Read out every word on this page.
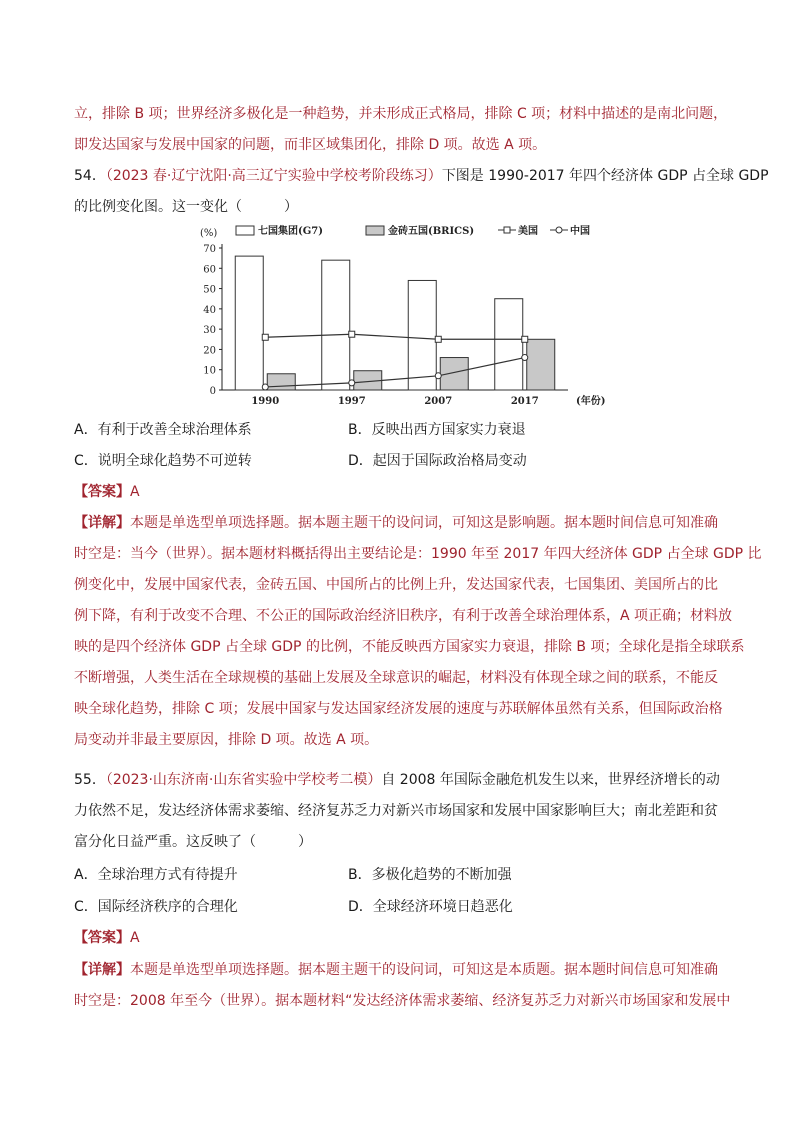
立，排除 B 项；世界经济多极化是一种趋势，并未形成正式格局，排除 C 项；材料中描述的是南北问题，
即发达国家与发展中国家的问题，而非区域集团化，排除 D 项。故选 A 项。
54．（2023 春·辽宁沈阳·高三辽宁实验中学校考阶段练习）下图是 1990-2017 年四个经济体 GDP 占全球 GDP
的比例变化图。这一变化（　　　）
0
10
20
30
40
50
60
70
(%)
1990	1997	2007	2017	(年份)
七国集团(G7)	金砖五国(BRICS)	美国	中国
A．有利于改善全球治理体系	B．反映出西方国家实力衰退
C．说明全球化趋势不可逆转	D．起因于国际政治格局变动
【答案】A
【详解】本题是单选型单项选择题。据本题主题干的设问词，可知这是影响题。据本题时间信息可知准确
时空是：当今（世界）。据本题材料概括得出主要结论是：1990 年至 2017 年四大经济体 GDP 占全球 GDP 比
例变化中，发展中国家代表，金砖五国、中国所占的比例上升，发达国家代表，七国集团、美国所占的比
例下降，有利于改变不合理、不公正的国际政治经济旧秩序，有利于改善全球治理体系，A 项正确；材料放
映的是四个经济体 GDP 占全球 GDP 的比例，不能反映西方国家实力衰退，排除 B 项；全球化是指全球联系
不断增强，人类生活在全球规模的基础上发展及全球意识的崛起，材料没有体现全球之间的联系，不能反
映全球化趋势，排除 C 项；发展中国家与发达国家经济发展的速度与苏联解体虽然有关系，但国际政治格
局变动并非最主要原因，排除 D 项。故选 A 项。
55．（2023·山东济南·山东省实验中学校考二模）自 2008 年国际金融危机发生以来，世界经济增长的动
力依然不足，发达经济体需求萎缩、经济复苏乏力对新兴市场国家和发展中国家影响巨大；南北差距和贫
富分化日益严重。这反映了（　　　）
A．全球治理方式有待提升	B．多极化趋势的不断加强
C．国际经济秩序的合理化	D．全球经济环境日趋恶化
【答案】A
【详解】本题是单选型单项选择题。据本题主题干的设问词，可知这是本质题。据本题时间信息可知准确
时空是：2008 年至今（世界）。据本题材料“发达经济体需求萎缩、经济复苏乏力对新兴市场国家和发展中
